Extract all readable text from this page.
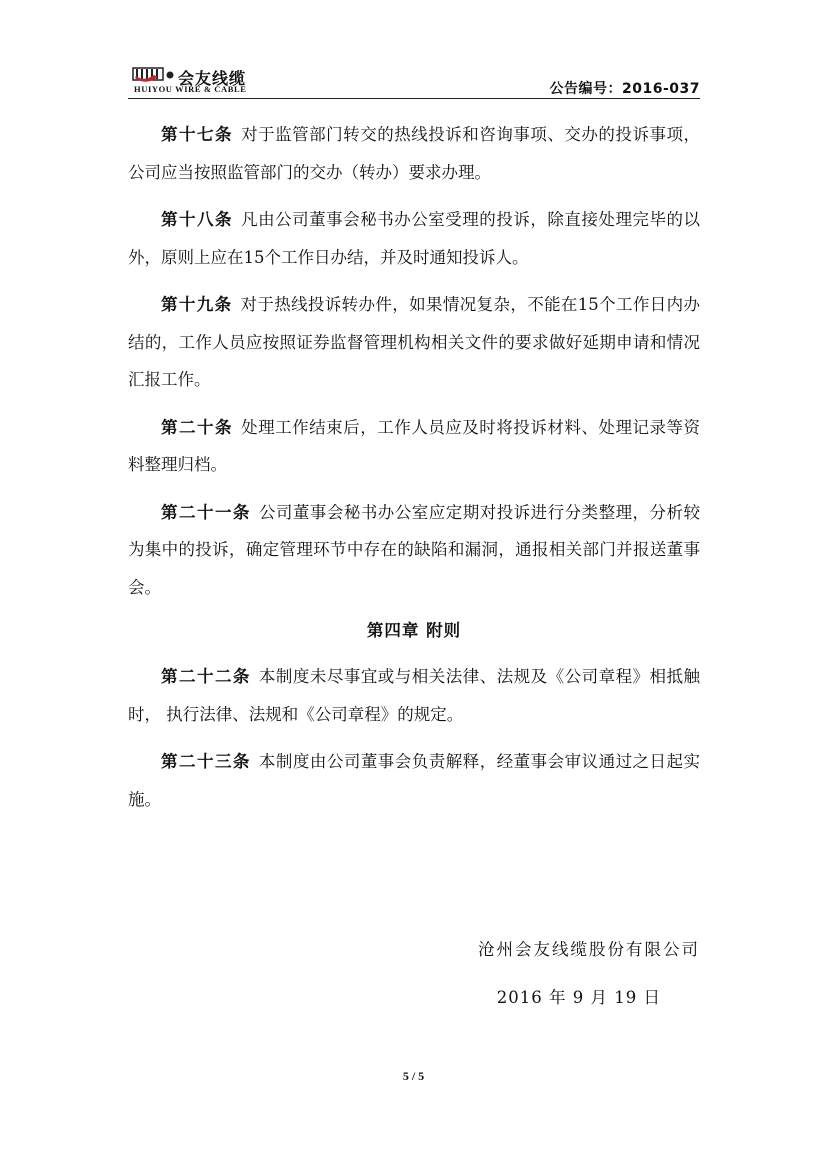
会友线缆
HUIYOU WIRE & CABLE	公告编号：2016-037

第十七条 对于监管部门转交的热线投诉和咨询事项、交办的投诉事项，公司应当按照监管部门的交办（转办）要求办理。

第十八条 凡由公司董事会秘书办公室受理的投诉，除直接处理完毕的以外，原则上应在15个工作日办结，并及时通知投诉人。

第十九条 对于热线投诉转办件，如果情况复杂，不能在15个工作日内办结的，工作人员应按照证券监督管理机构相关文件的要求做好延期申请和情况汇报工作。

第二十条 处理工作结束后，工作人员应及时将投诉材料、处理记录等资料整理归档。

第二十一条 公司董事会秘书办公室应定期对投诉进行分类整理，分析较为集中的投诉，确定管理环节中存在的缺陷和漏洞，通报相关部门并报送董事会。

第四章 附则

第二十二条 本制度未尽事宜或与相关法律、法规及《公司章程》相抵触时， 执行法律、法规和《公司章程》的规定。

第二十三条 本制度由公司董事会负责解释，经董事会审议通过之日起实施。

沧州会友线缆股份有限公司
2016 年 9 月 19 日
5 / 5
